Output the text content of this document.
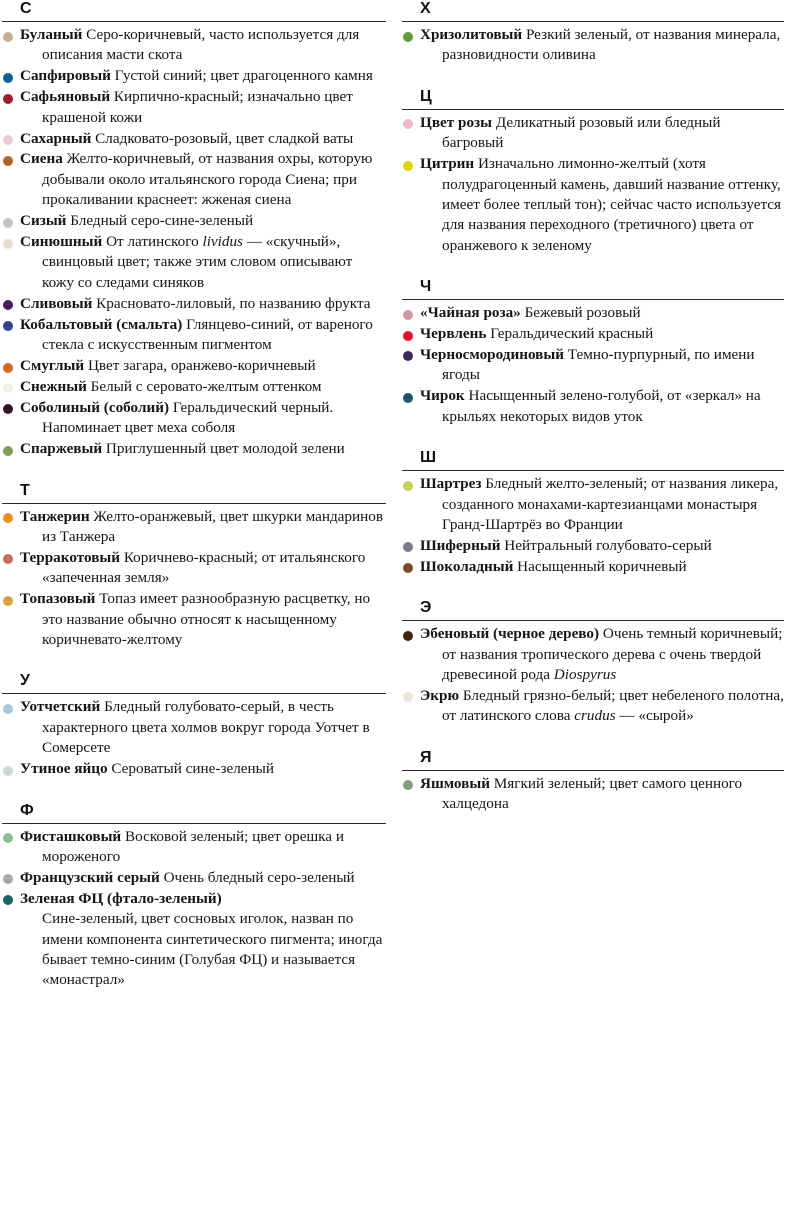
С
Буланый Серо-коричневый, часто используется для описания масти скота
Сапфировый Густой синий; цвет драгоценного камня
Сафьяновый Кирпично-красный; изначально цвет крашеной кожи
Сахарный Сладковато-розовый, цвет сладкой ваты
Сиена Желто-коричневый, от названия охры, которую добывали около итальянского города Сиена; при прокаливании краснеет: жженая сиена
Сизый Бледный серо-сине-зеленый
Синюшный От латинского lividus — «скучный», свинцовый цвет; также этим словом описывают кожу со следами синяков
Сливовый Красновато-лиловый, по названию фрукта
Кобальтовый (смальта) Глянцево-синий, от вареного стекла с искусственным пигментом
Смуглый Цвет загара, оранжево-коричневый
Снежный Белый с серовато-желтым оттенком
Соболиный (соболий) Геральдический черный. Напоминает цвет меха соболя
Спаржевый Приглушенный цвет молодой зелени
Т
Танжерин Желто-оранжевый, цвет шкурки мандаринов из Танжера
Терракотовый Коричнево-красный; от итальянского «запеченная земля»
Топазовый Топаз имеет разнообразную расцветку, но это название обычно относят к насыщенному коричневато-желтому
У
Уотчетский Бледный голубовато-серый, в честь характерного цвета холмов вокруг города Уотчет в Сомерсете
Утиное яйцо Сероватый сине-зеленый
Ф
Фисташковый Восковой зеленый; цвет орешка и мороженого
Французский серый Очень бледный серо-зеленый
Зеленая ФЦ (фтало-зеленый)
Сине-зеленый, цвет сосновых иголок, назван по имени компонента синтетического пигмента; иногда бывает темно-синим (Голубая ФЦ) и называется «монастрал»
Х
Хризолитовый Резкий зеленый, от названия минерала, разновидности оливина
Ц
Цвет розы Деликатный розовый или бледный багровый
Цитрин Изначально лимонно-желтый (хотя полудрагоценный камень, давший название оттенку, имеет более теплый тон); сейчас часто используется для названия переходного (третичного) цвета от оранжевого к зеленому
Ч
«Чайная роза» Бежевый розовый
Червлень Геральдический красный
Черносмородиновый Темно-пурпурный, по имени ягоды
Чирок Насыщенный зелено-голубой, от «зеркал» на крыльях некоторых видов уток
Ш
Шартрез Бледный желто-зеленый; от названия ликера, созданного монахами-картезианцами монастыря Гранд-Шартрёз во Франции
Шиферный Нейтральный голубовато-серый
Шоколадный Насыщенный коричневый
Э
Эбеновый (черное дерево) Очень темный коричневый; от названия тропического дерева с очень твердой древесиной рода Diospyrus
Экрю Бледный грязно-белый; цвет небеленого полотна, от латинского слова crudus — «сырой»
Я
Яшмовый Мягкий зеленый; цвет самого ценного халцедона
